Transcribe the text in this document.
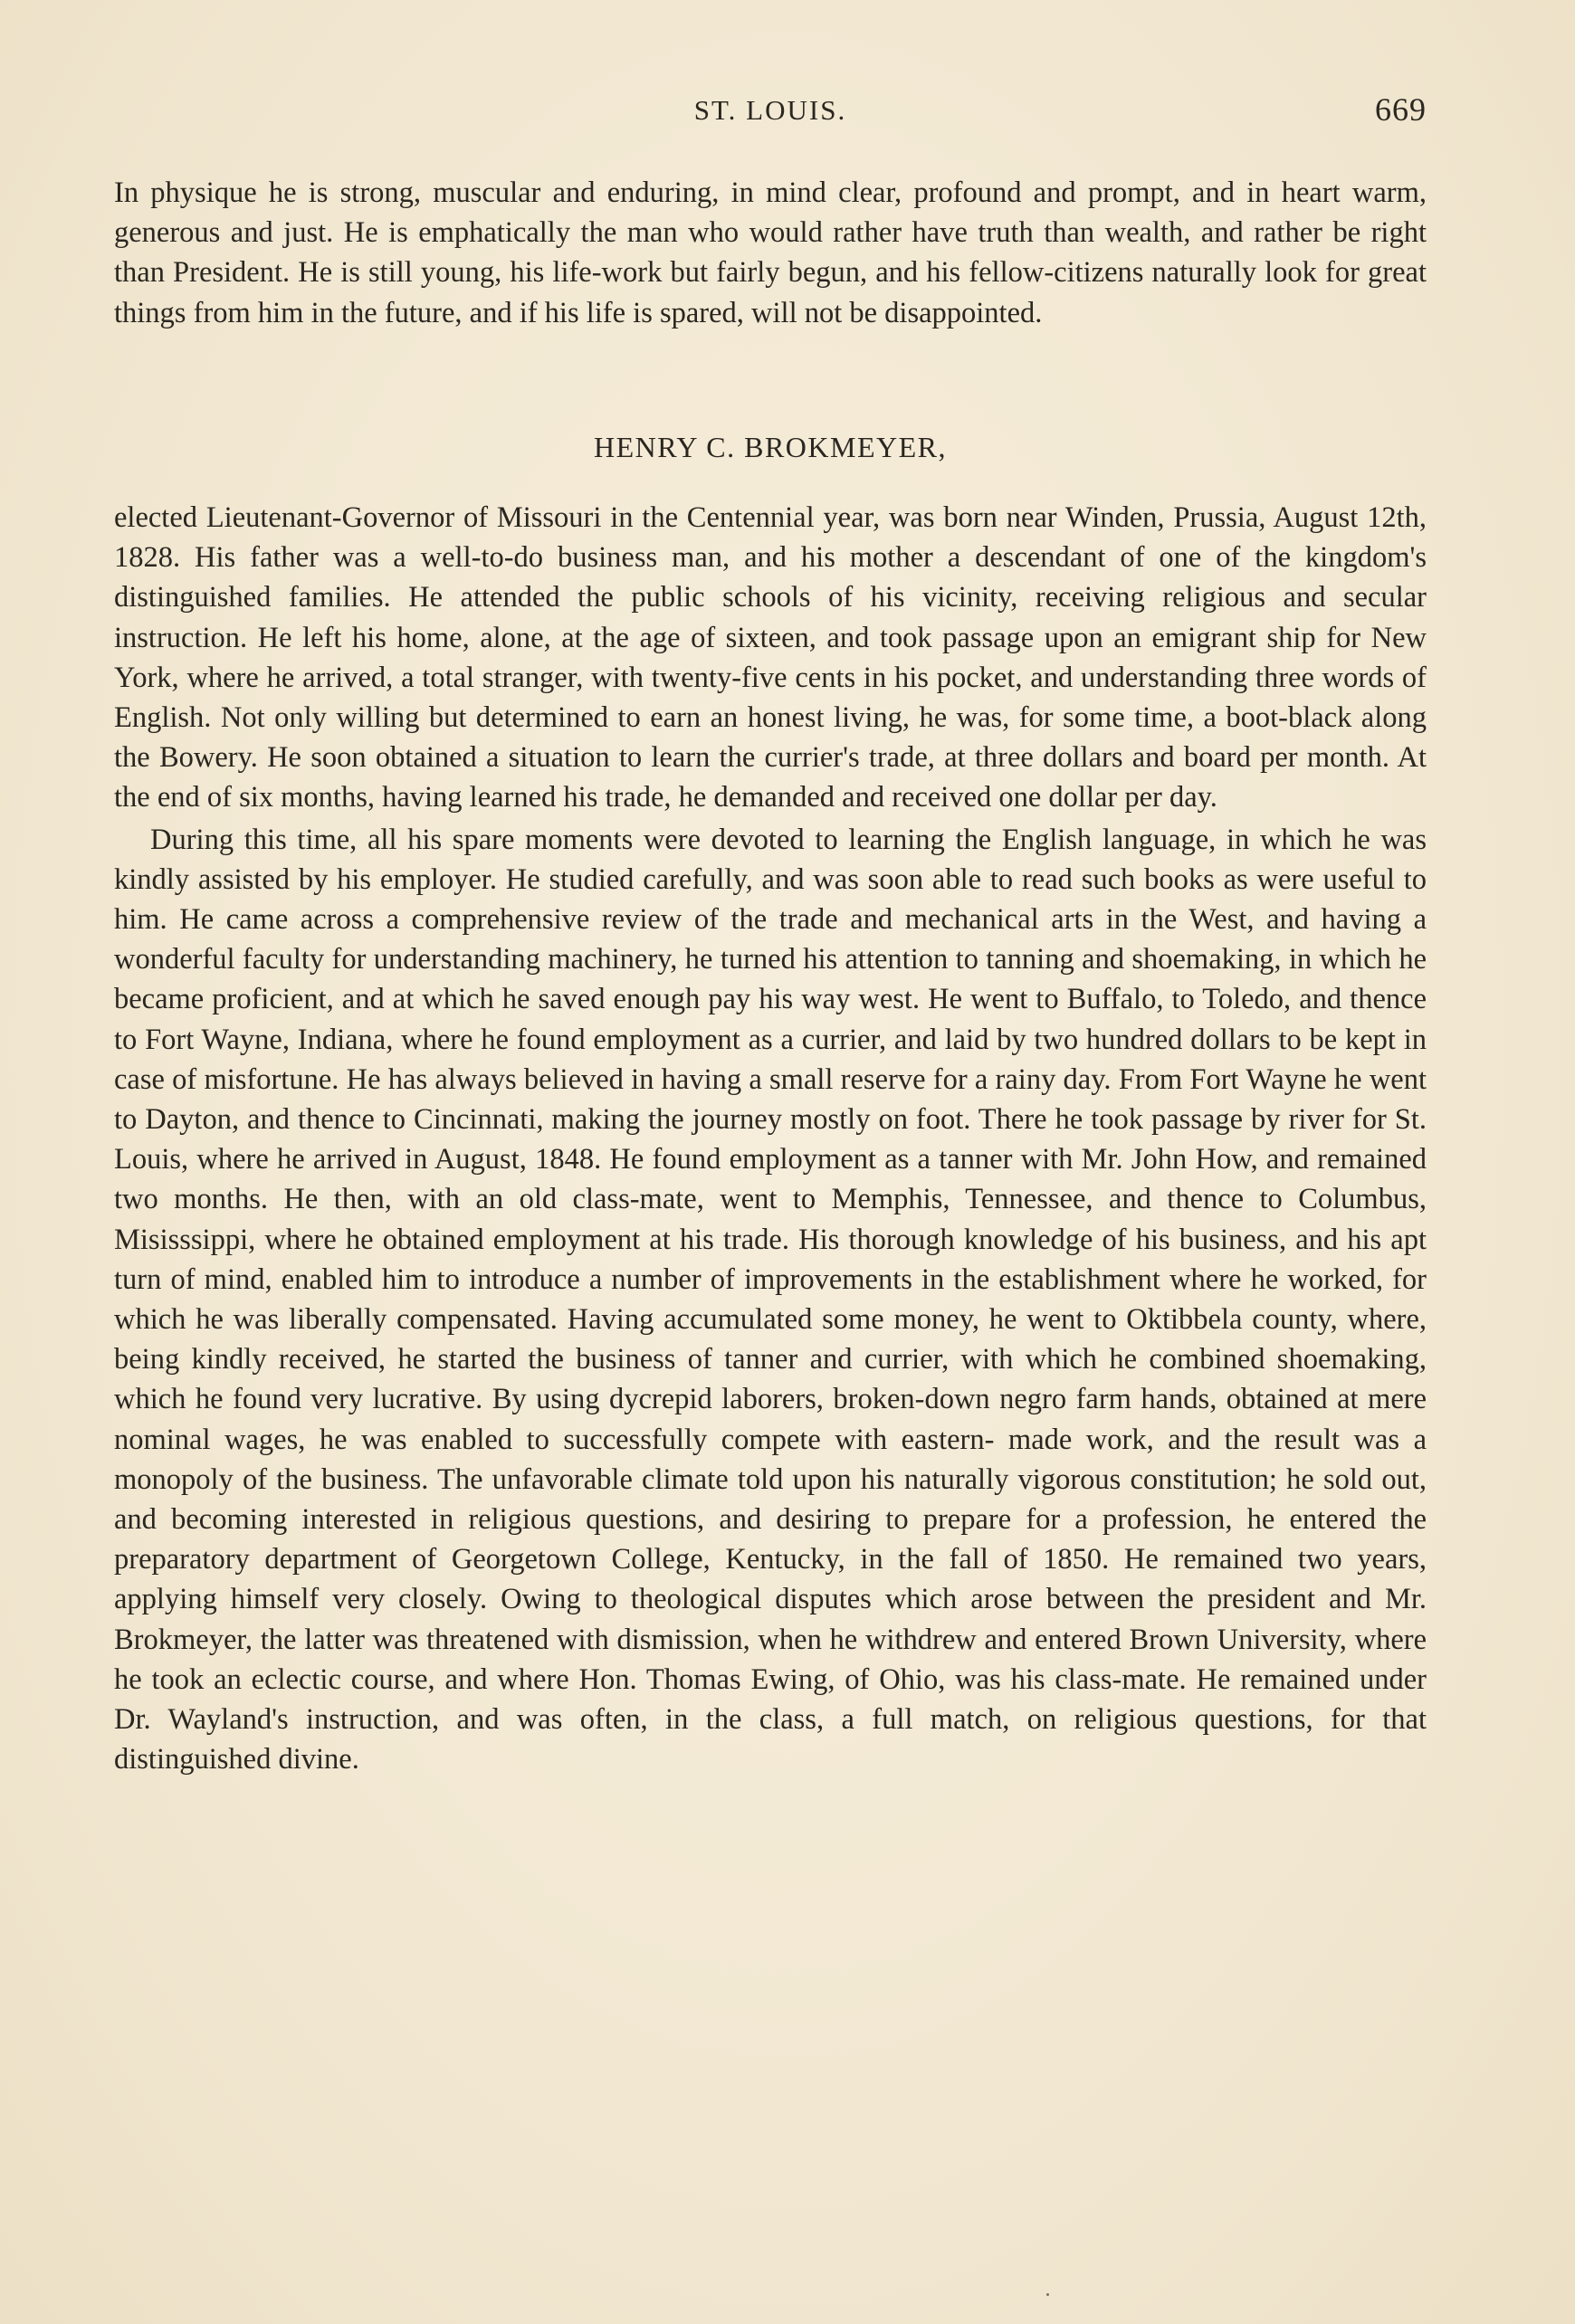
ST. LOUIS.	669

In physique he is strong, muscular and enduring, in mind clear, profound and prompt, and in heart warm, generous and just. He is emphatically the man who would rather have truth than wealth, and rather be right than President. He is still young, his life-work but fairly begun, and his fellow-citizens naturally look for great things from him in the future, and if his life is spared, will not be disappointed.

HENRY C. BROKMEYER,

elected Lieutenant-Governor of Missouri in the Centennial year, was born near Winden, Prussia, August 12th, 1828. His father was a well-to-do business man, and his mother a descendant of one of the kingdom's distinguished families. He attended the public schools of his vicinity, receiving religious and secular instruction. He left his home, alone, at the age of sixteen, and took passage upon an emigrant ship for New York, where he arrived, a total stranger, with twenty-five cents in his pocket, and understanding three words of English. Not only willing but determined to earn an honest living, he was, for some time, a boot-black along the Bowery. He soon obtained a situation to learn the currier's trade, at three dollars and board per month. At the end of six months, having learned his trade, he demanded and received one dollar per day.

During this time, all his spare moments were devoted to learning the English language, in which he was kindly assisted by his employer. He studied carefully, and was soon able to read such books as were useful to him. He came across a comprehensive review of the trade and mechanical arts in the West, and having a wonderful faculty for understanding machinery, he turned his attention to tanning and shoemaking, in which he became proficient, and at which he saved enough pay his way west. He went to Buffalo, to Toledo, and thence to Fort Wayne, Indiana, where he found employment as a currier, and laid by two hundred dollars to be kept in case of misfortune. He has always believed in having a small reserve for a rainy day. From Fort Wayne he went to Dayton, and thence to Cincinnati, making the journey mostly on foot. There he took passage by river for St. Louis, where he arrived in August, 1848. He found employment as a tanner with Mr. John How, and remained two months. He then, with an old class-mate, went to Memphis, Tennessee, and thence to Columbus, Misisssippi, where he obtained employment at his trade. His thorough knowledge of his business, and his apt turn of mind, enabled him to introduce a number of improvements in the establishment where he worked, for which he was liberally compensated. Having accumulated some money, he went to Oktibbela county, where, being kindly received, he started the business of tanner and currier, with which he combined shoemaking, which he found very lucrative. By using dycrepid laborers, broken-down negro farm hands, obtained at mere nominal wages, he was enabled to successfully compete with eastern- made work, and the result was a monopoly of the business. The unfavorable climate told upon his naturally vigorous constitution; he sold out, and becoming interested in religious questions, and desiring to prepare for a profession, he entered the preparatory department of Georgetown College, Kentucky, in the fall of 1850. He remained two years, applying himself very closely. Owing to theological disputes which arose between the president and Mr. Brokmeyer, the latter was threatened with dismission, when he withdrew and entered Brown University, where he took an eclectic course, and where Hon. Thomas Ewing, of Ohio, was his class-mate. He remained under Dr. Wayland's instruction, and was often, in the class, a full match, on religious questions, for that distinguished divine.
